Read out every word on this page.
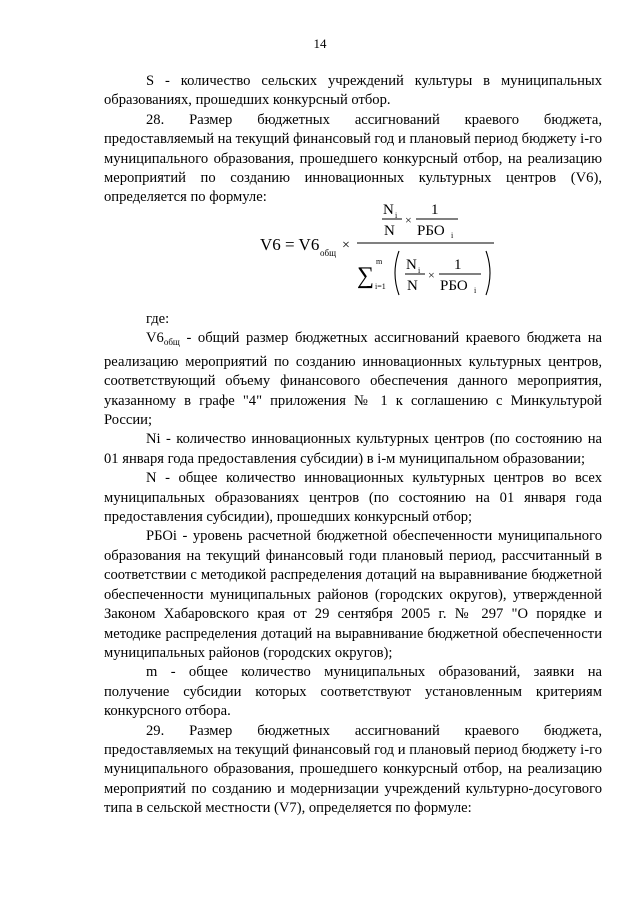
14

S - количество сельских учреждений культуры в муниципальных образованиях, прошедших конкурсный отбор.

28. Размер бюджетных ассигнований краевого бюджета, предоставляемый на текущий финансовый год и плановый период бюджету i-го муниципального образования, прошедшего конкурсный отбор, на реализацию мероприятий по созданию инновационных культурных центров (V6), определяется по формуле:

V6 = V6 общ ×
N i
N
×
1
РБО i
∑
m
i=1
N i
N
×
1
РБО i

где:

$V6_{общ}$ - общий размер бюджетных ассигнований краевого бюджета на реализацию мероприятий по созданию инновационных культурных центров, соответствующий объему финансового обеспечения данного мероприятия, указанному в графе "4" приложения № 1 к соглашению с Минкультурой России;

Ni - количество инновационных культурных центров (по состоянию на 01 января года предоставления субсидии) в i-м муниципальном образовании;

N - общее количество инновационных культурных центров во всех муниципальных образованиях центров (по состоянию на 01 января года предоставления субсидии), прошедших конкурсный отбор;

РБОi - уровень расчетной бюджетной обеспеченности муниципального образования на текущий финансовый годи плановый период, рассчитанный в соответствии с методикой распределения дотаций на выравнивание бюджетной обеспеченности муниципальных районов (городских округов), утвержденной Законом Хабаровского края от 29 сентября 2005 г. № 297 "О порядке и методике распределения дотаций на выравнивание бюджетной обеспеченности муниципальных районов (городских округов);

m - общее количество муниципальных образований, заявки на получение субсидии которых соответствуют установленным критериям конкурсного отбора.

29. Размер бюджетных ассигнований краевого бюджета, предоставляемых на текущий финансовый год и плановый период бюджету i-го муниципального образования, прошедшего конкурсный отбор, на реализацию мероприятий по созданию и модернизации учреждений культурно-досугового типа в сельской местности (V7), определяется по формуле:
